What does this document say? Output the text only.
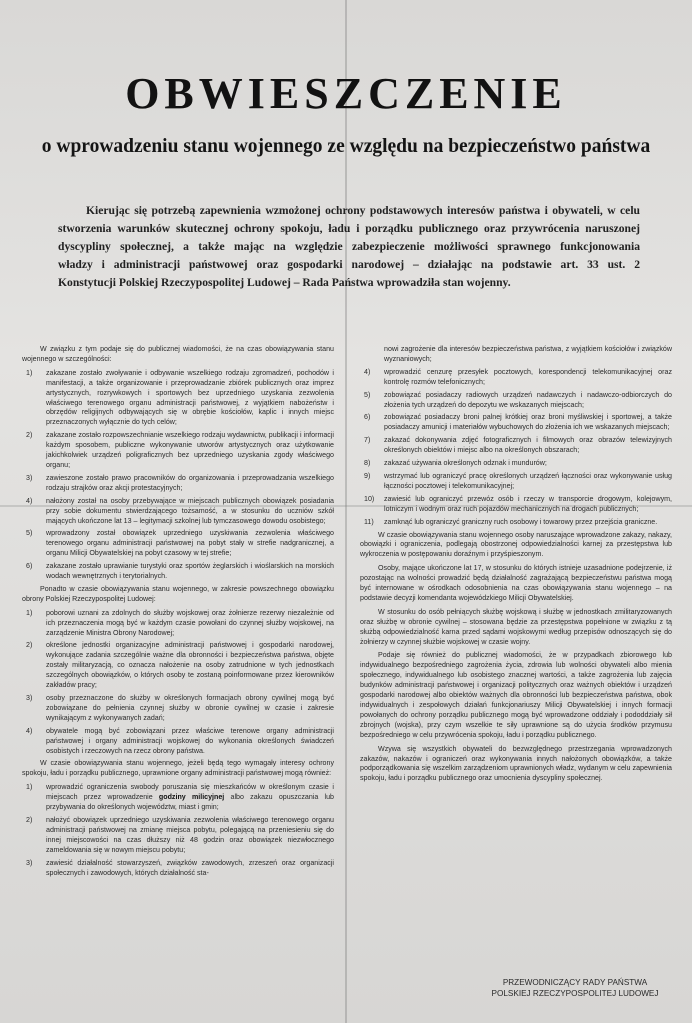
OBWIESZCZENIE
o wprowadzeniu stanu wojennego ze względu na bezpieczeństwo państwa
Kierując się potrzebą zapewnienia wzmożonej ochrony podstawowych interesów państwa i obywateli, w celu
stworzenia warunków skutecznej ochrony spokoju, ładu i porządku publicznego oraz przywrócenia naruszonej
dyscypliny społecznej, a także mając na względzie zabezpieczenie możliwości sprawnego funkcjonowania
władzy i administracji państwowej oraz gospodarki narodowej – działając na podstawie art. 33 ust. 2
Konstytucji Polskiej Rzeczypospolitej Ludowej – Rada Państwa wprowadziła stan wojenny.

W związku z tym podaje się do publicznej wiadomości, że na czas obowiązywania stanu wojennego w szczególności:

1)	zakazane zostało zwoływanie i odbywanie wszelkiego rodzaju zgromadzeń, pochodów i manifestacji, a także organizowanie i przeprowadzanie zbiórek publicznych oraz imprez artystycznych, rozrywkowych i sportowych bez uprzedniego uzyskania zezwolenia właściwego terenowego organu administracji państwowej, z wyjątkiem nabożeństw i obrzędów religijnych odbywających się w obrębie kościołów, kaplic i innych miejsc przeznaczonych wyłącznie do tych celów;
2)	zakazane zostało rozpowszechnianie wszelkiego rodzaju wydawnictw, publikacji i informacji każdym sposobem, publiczne wykonywanie utworów artystycznych oraz użytkowanie jakichkolwiek urządzeń poligraficznych bez uprzedniego uzyskania zgody właściwego organu;
3)	zawieszone zostało prawo pracowników do organizowania i przeprowadzania wszelkiego rodzaju strajków oraz akcji protestacyjnych;
4)	nałożony został na osoby przebywające w miejscach publicznych obowiązek posiadania przy sobie dokumentu stwierdzającego tożsamość, a w stosunku do uczniów szkół mających ukończone lat 13 – legitymacji szkolnej lub tymczasowego dowodu osobistego;
5)	wprowadzony został obowiązek uprzedniego uzyskiwania zezwolenia właściwego terenowego organu administracji państwowej na pobyt stały w strefie nadgranicznej, a organu Milicji Obywatelskiej na pobyt czasowy w tej strefie;
6)	zakazane zostało uprawianie turystyki oraz sportów żeglarskich i wioślarskich na morskich wodach wewnętrznych i terytorialnych.

Ponadto w czasie obowiązywania stanu wojennego, w zakresie powszechnego obowiązku obrony Polskiej Rzeczypospolitej Ludowej:

1)	poborowi uznani za zdolnych do służby wojskowej oraz żołnierze rezerwy niezależnie od ich przeznaczenia mogą być w każdym czasie powołani do czynnej służby wojskowej, na zarządzenie Ministra Obrony Narodowej;
2)	określone jednostki organizacyjne administracji państwowej i gospodarki narodowej, wykonujące zadania szczególnie ważne dla obronności i bezpieczeństwa państwa, objęte zostały militaryzacją, co oznacza nałożenie na osoby zatrudnione w tych jednostkach szczególnych obowiązków, o których osoby te zostaną poinformowane przez kierowników zakładów pracy;
3)	osoby przeznaczone do służby w określonych formacjach obrony cywilnej mogą być zobowiązane do pełnienia czynnej służby w obronie cywilnej w czasie i zakresie wynikającym z wykonywanych zadań;
4)	obywatele mogą być zobowiązani przez właściwe terenowe organy administracji państwowej i organy administracji wojskowej do wykonania określonych świadczeń osobistych i rzeczowych na rzecz obrony państwa.

W czasie obowiązywania stanu wojennego, jeżeli będą tego wymagały interesy ochrony spokoju, ładu i porządku publicznego, uprawnione organy administracji państwowej mogą również:

1)	wprowadzić ograniczenia swobody poruszania się mieszkańców w określonym czasie i miejscach przez wprowadzenie godziny milicyjnej albo zakazu opuszczania lub przybywania do określonych województw, miast i gmin;
2)	nałożyć obowiązek uprzedniego uzyskiwania zezwolenia właściwego terenowego organu administracji państwowej na zmianę miejsca pobytu, polegającą na przeniesieniu się do innej miejscowości na czas dłuższy niż 48 godzin oraz obowiązek niezwłocznego zameldowania się w nowym miejscu pobytu;
3)	zawiesić działalność stowarzyszeń, związków zawodowych, zrzeszeń oraz organizacji społecznych i zawodowych, których działalność sta-
nowi zagrożenie dla interesów bezpieczeństwa państwa, z wyjątkiem kościołów i związków wyznaniowych;
4)	wprowadzić cenzurę przesyłek pocztowych, korespondencji telekomunikacyjnej oraz kontrolę rozmów telefonicznych;
5)	zobowiązać posiadaczy radiowych urządzeń nadawczych i nadawczo-odbiorczych do złożenia tych urządzeń do depozytu we wskazanych miejscach;
6)	zobowiązać posiadaczy broni palnej krótkiej oraz broni myśliwskiej i sportowej, a także posiadaczy amunicji i materiałów wybuchowych do złożenia ich we wskazanych miejscach;
7)	zakazać dokonywania zdjęć fotograficznych i filmowych oraz obrazów telewizyjnych określonych obiektów i miejsc albo na określonych obszarach;
8)	zakazać używania określonych odznak i mundurów;
9)	wstrzymać lub ograniczyć pracę określonych urządzeń łączności oraz wykonywanie usług łączności pocztowej i telekomunikacyjnej;
10)	zawiesić lub ograniczyć przewóz osób i rzeczy w transporcie drogowym, kolejowym, lotniczym i wodnym oraz ruch pojazdów mechanicznych na drogach publicznych;
11)	zamknąć lub ograniczyć graniczny ruch osobowy i towarowy przez przejścia graniczne.

W czasie obowiązywania stanu wojennego osoby naruszające wprowadzone zakazy, nakazy, obowiązki i ograniczenia, podlegają obostrzonej odpowiedzialności karnej za przestępstwa lub wykroczenia w postępowaniu doraźnym i przyśpieszonym.

Osoby, mające ukończone lat 17, w stosunku do których istnieje uzasadnione podejrzenie, iż pozostając na wolności prowadzić będą działalność zagrażającą bezpieczeństwu państwa mogą być internowane w ośrodkach odosobnienia na czas obowiązywania stanu wojennego – na podstawie decyzji komendanta wojewódzkiego Milicji Obywatelskiej.

W stosunku do osób pełniących służbę wojskową i służbę w jednostkach zmilitaryzowanych oraz służbę w obronie cywilnej – stosowana będzie za przestępstwa popełnione w związku z tą służbą odpowiedzialność karna przed sądami wojskowymi według przepisów odnoszących się do żołnierzy w czynnej służbie wojskowej w czasie wojny.

Podaje się również do publicznej wiadomości, że w przypadkach zbiorowego lub indywidualnego bezpośredniego zagrożenia życia, zdrowia lub wolności obywateli albo mienia społecznego, indywidualnego lub osobistego znacznej wartości, a także zagrożenia lub zajęcia budynków administracji państwowej i organizacji politycznych oraz ważnych obiektów i urządzeń gospodarki narodowej albo obiektów ważnych dla obronności lub bezpieczeństwa państwa, obok indywidualnych i zespołowych działań funkcjonariuszy Milicji Obywatelskiej i innych formacji powołanych do ochrony porządku publicznego mogą być wprowadzone oddziały i pododdziały sił zbrojnych (wojska), przy czym wszelkie te siły uprawnione są do użycia środków przymusu bezpośredniego w celu przywrócenia spokoju, ładu i porządku publicznego.

Wzywa się wszystkich obywateli do bezwzględnego przestrzegania wprowadzonych zakazów, nakazów i ograniczeń oraz wykonywania innych nałożonych obowiązków, a także podporządkowania się wszelkim zarządzeniom uprawnionych władz, wydanym w celu zapewnienia spokoju, ładu i porządku publicznego oraz umocnienia dyscypliny społecznej.

PRZEWODNICZĄCY RADY PAŃSTWA
POLSKIEJ RZECZYPOSPOLITEJ LUDOWEJ
